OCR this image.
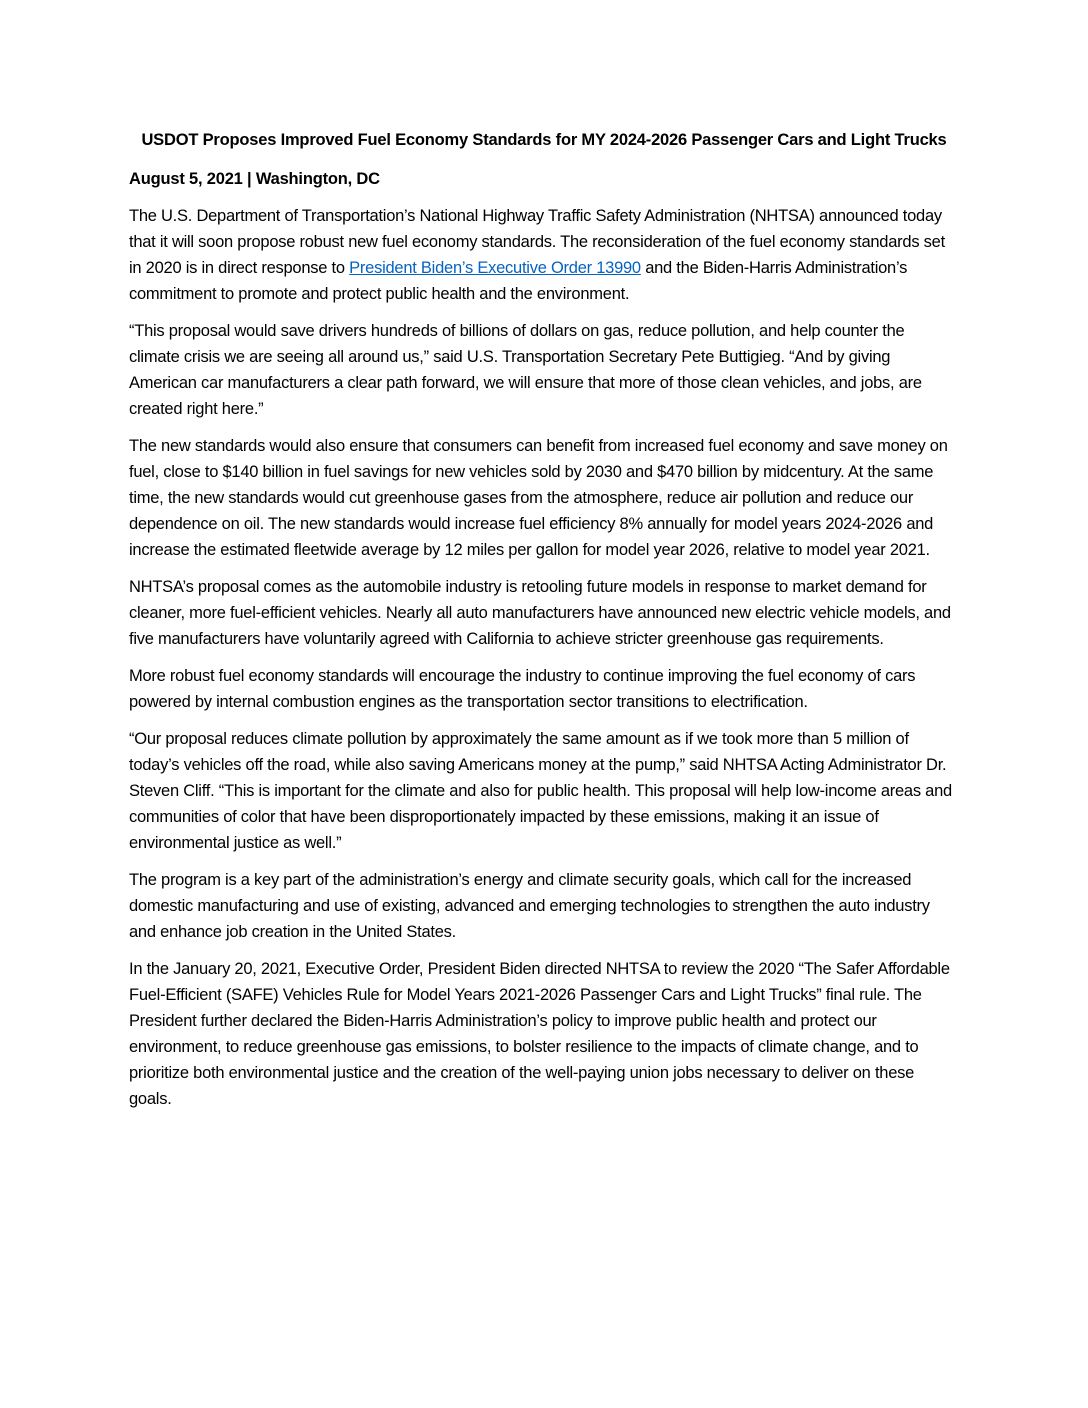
USDOT Proposes Improved Fuel Economy Standards for MY 2024-2026 Passenger Cars and Light Trucks
August 5, 2021 | Washington, DC

The U.S. Department of Transportation’s National Highway Traffic Safety Administration (NHTSA) announced today that it will soon propose robust new fuel economy standards. The reconsideration of the fuel economy standards set in 2020 is in direct response to President Biden’s Executive Order 13990 and the Biden-Harris Administration’s commitment to promote and protect public health and the environment.

“This proposal would save drivers hundreds of billions of dollars on gas, reduce pollution, and help counter the climate crisis we are seeing all around us,” said U.S. Transportation Secretary Pete Buttigieg. “And by giving American car manufacturers a clear path forward, we will ensure that more of those clean vehicles, and jobs, are created right here.”

The new standards would also ensure that consumers can benefit from increased fuel economy and save money on fuel, close to $140 billion in fuel savings for new vehicles sold by 2030 and $470 billion by midcentury. At the same time, the new standards would cut greenhouse gases from the atmosphere, reduce air pollution and reduce our dependence on oil. The new standards would increase fuel efficiency 8% annually for model years 2024-2026 and increase the estimated fleetwide average by 12 miles per gallon for model year 2026, relative to model year 2021.

NHTSA’s proposal comes as the automobile industry is retooling future models in response to market demand for cleaner, more fuel-efficient vehicles. Nearly all auto manufacturers have announced new electric vehicle models, and five manufacturers have voluntarily agreed with California to achieve stricter greenhouse gas requirements.

More robust fuel economy standards will encourage the industry to continue improving the fuel economy of cars powered by internal combustion engines as the transportation sector transitions to electrification.

“Our proposal reduces climate pollution by approximately the same amount as if we took more than 5 million of today’s vehicles off the road, while also saving Americans money at the pump,” said NHTSA Acting Administrator Dr. Steven Cliff. “This is important for the climate and also for public health. This proposal will help low-income areas and communities of color that have been disproportionately impacted by these emissions, making it an issue of environmental justice as well.”

The program is a key part of the administration’s energy and climate security goals, which call for the increased domestic manufacturing and use of existing, advanced and emerging technologies to strengthen the auto industry and enhance job creation in the United States.

In the January 20, 2021, Executive Order, President Biden directed NHTSA to review the 2020 “The Safer Affordable Fuel-Efficient (SAFE) Vehicles Rule for Model Years 2021-2026 Passenger Cars and Light Trucks” final rule. The President further declared the Biden-Harris Administration’s policy to improve public health and protect our environment, to reduce greenhouse gas emissions, to bolster resilience to the impacts of climate change, and to prioritize both environmental justice and the creation of the well-paying union jobs necessary to deliver on these goals.
